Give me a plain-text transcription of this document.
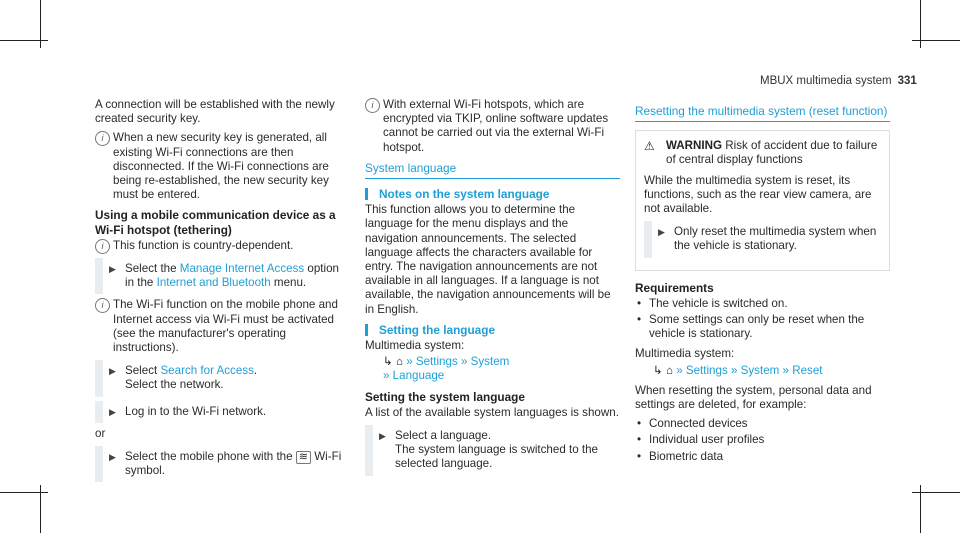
MBUX multimedia system 331

A connection will be established with the newly created security key.

i When a new security key is generated, all existing Wi-Fi connections are then disconnected. If the Wi-Fi connections are being re-established, the new security key must be entered.
Using a mobile communication device as a Wi-Fi hotspot (tethering)
i This function is country-dependent.
▶ Select the Manage Internet Access option in the Internet and Bluetooth menu.
i The Wi-Fi function on the mobile phone and Internet access via Wi-Fi must be activated (see the manufacturer's operating instructions).
▶ Select Search for Access.
Select the network.
▶ Log in to the Wi-Fi network.

or

▶ Select the mobile phone with the ≋ Wi-Fi symbol.
i With external Wi-Fi hotspots, which are encrypted via TKIP, online software updates cannot be carried out via the external Wi-Fi hotspot.
System language
Notes on the system language

This function allows you to determine the language for the menu displays and the navigation announcements. The selected language affects the characters available for entry. The navigation announcements are not available in all languages. If a language is not available, the navigation announcements will be in English.

Setting the language

Multimedia system:

↳ ⌂ » Settings » System
» Language
Setting the system language

A list of the available system languages is shown.

▶ Select a language.
The system language is switched to the selected language.
Resetting the multimedia system (reset function)
⚠ WARNING Risk of accident due to failure of central display functions

While the multimedia system is reset, its functions, such as the rear view camera, are not available.

▶ Only reset the multimedia system when the vehicle is stationary.
Requirements
• The vehicle is switched on.
• Some settings can only be reset when the vehicle is stationary.

Multimedia system:

↳ ⌂ » Settings » System » Reset

When resetting the system, personal data and settings are deleted, for example:

• Connected devices
• Individual user profiles
• Biometric data
